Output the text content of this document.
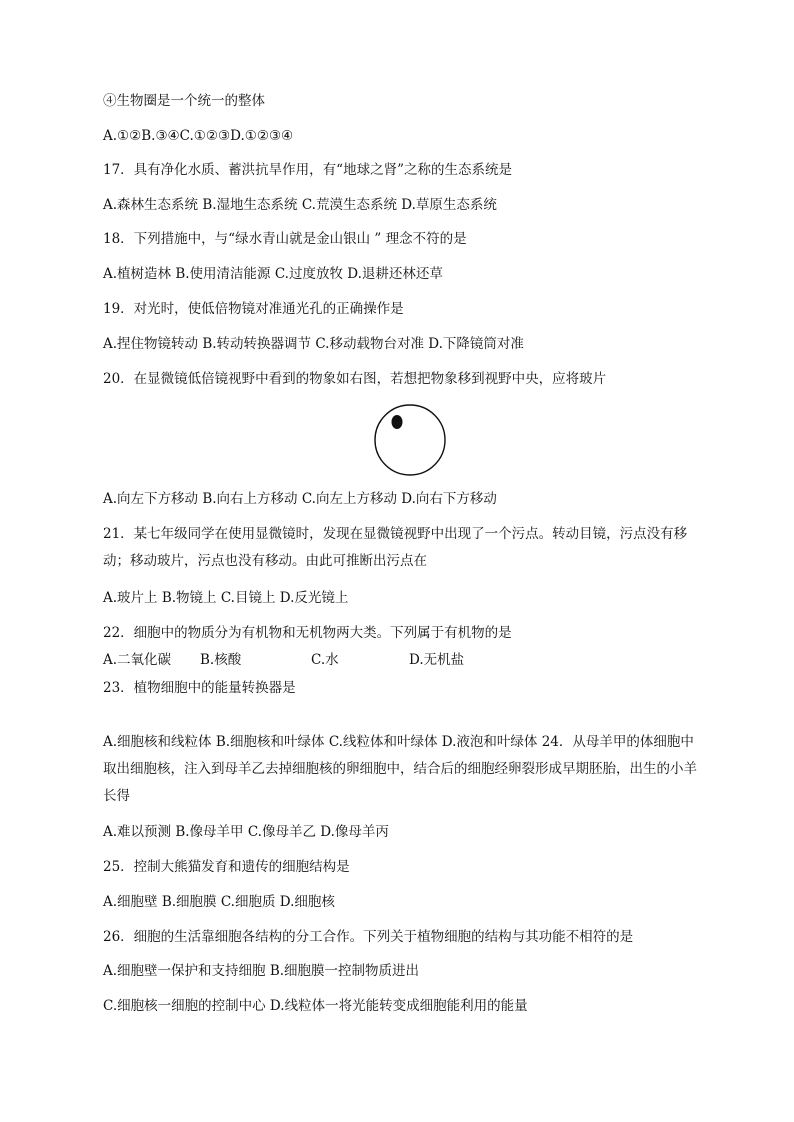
④生物圈是一个统一的整体
A.①②B.③④C.①②③D.①②③④
17．具有净化水质、蓄洪抗旱作用，有“地球之肾”之称的生态系统是
A.森林生态系统 B.湿地生态系统 C.荒漠生态系统 D.草原生态系统
18．下列措施中，与“绿水青山就是金山银山 ” 理念不符的是
A.植树造林 B.使用清洁能源 C.过度放牧 D.退耕还林还草
19．对光时，使低倍物镜对准通光孔的正确操作是
A.捏住物镜转动 B.转动转换器调节 C.移动载物台对准 D.下降镜筒对准
20．在显微镜低倍镜视野中看到的物象如右图，若想把物象移到视野中央，应将玻片
A.向左下方移动 B.向右上方移动 C.向左上方移动 D.向右下方移动
21．某七年级同学在使用显微镜时，发现在显微镜视野中出现了一个污点。转动目镜，污点没有移动；移动玻片，污点也没有移动。由此可推断出污点在
A.玻片上 B.物镜上 C.目镜上 D.反光镜上
22．细胞中的物质分为有机物和无机物两大类。下列属于有机物的是
A.二氧化碳 B.核酸	C.水	D.无机盐
23．植物细胞中的能量转换器是
A.细胞核和线粒体 B.细胞核和叶绿体 C.线粒体和叶绿体 D.液泡和叶绿体 24．从母羊甲的体细胞中取出细胞核，注入到母羊乙去掉细胞核的卵细胞中，结合后的细胞经卵裂形成早期胚胎，出生的小羊长得
A.难以预测 B.像母羊甲 C.像母羊乙 D.像母羊丙
25．控制大熊猫发育和遗传的细胞结构是
A.细胞壁 B.细胞膜 C.细胞质 D.细胞核
26．细胞的生活靠细胞各结构的分工合作。下列关于植物细胞的结构与其功能不相符的是
A.细胞壁一保护和支持细胞 B.细胞膜一控制物质进出
C.细胞核一细胞的控制中心 D.线粒体一将光能转变成细胞能利用的能量
